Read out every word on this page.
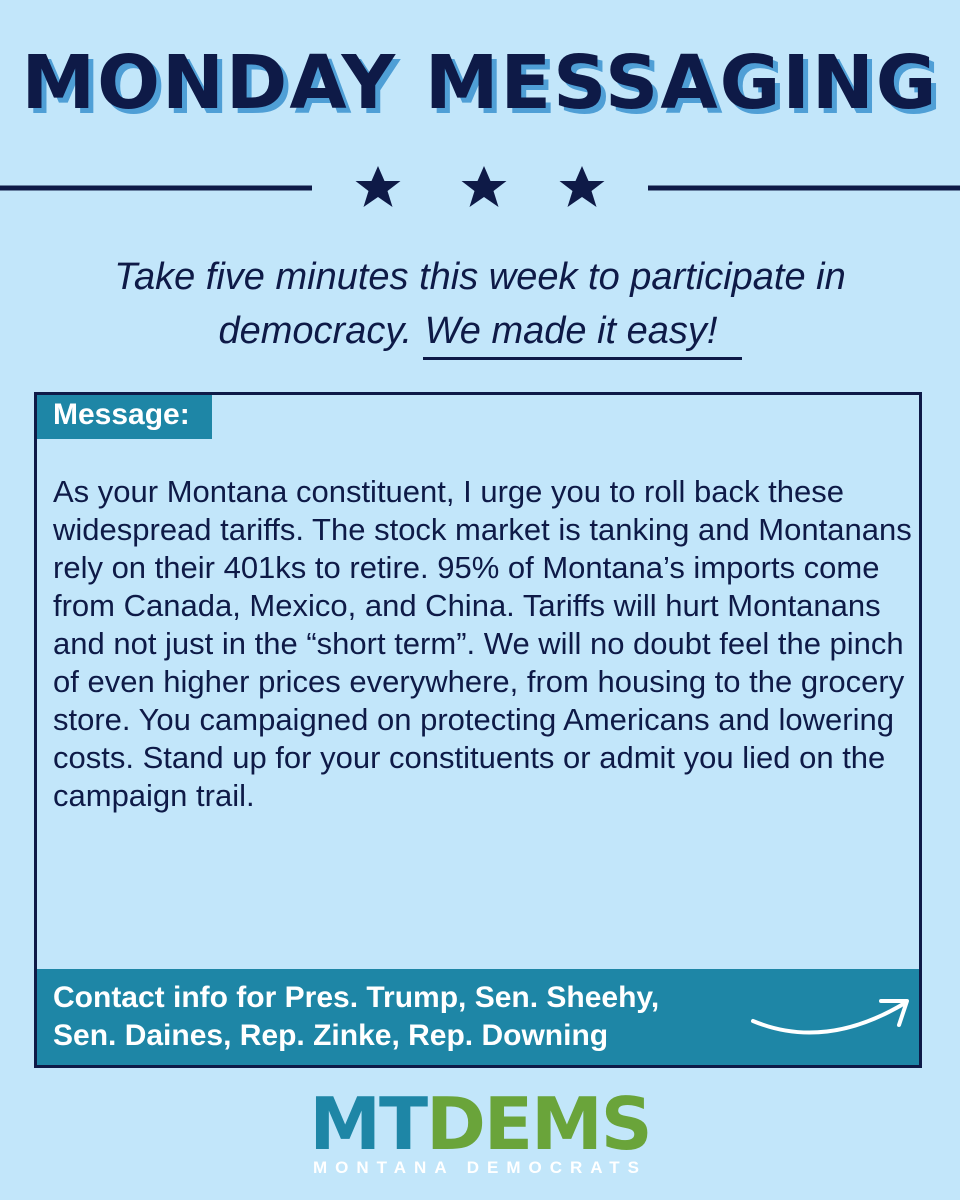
MONDAY MESSAGING
Take five minutes this week to participate in
democracy. We made it easy!
Message:
As your Montana constituent, I urge you to roll back these widespread tariffs. The stock market is tanking and Montanans rely on their 401ks to retire. 95% of Montana’s imports come from Canada, Mexico, and China. Tariffs will hurt Montanans and not just in the “short term”. We will no doubt feel the pinch of even higher prices everywhere, from housing to the grocery store. You campaigned on protecting Americans and lowering costs. Stand up for your constituents or admit you lied on the campaign trail.
Contact info for Pres. Trump, Sen. Sheehy,
Sen. Daines, Rep. Zinke, Rep. Downing
MTDEMS
MONTANA DEMOCRATS
